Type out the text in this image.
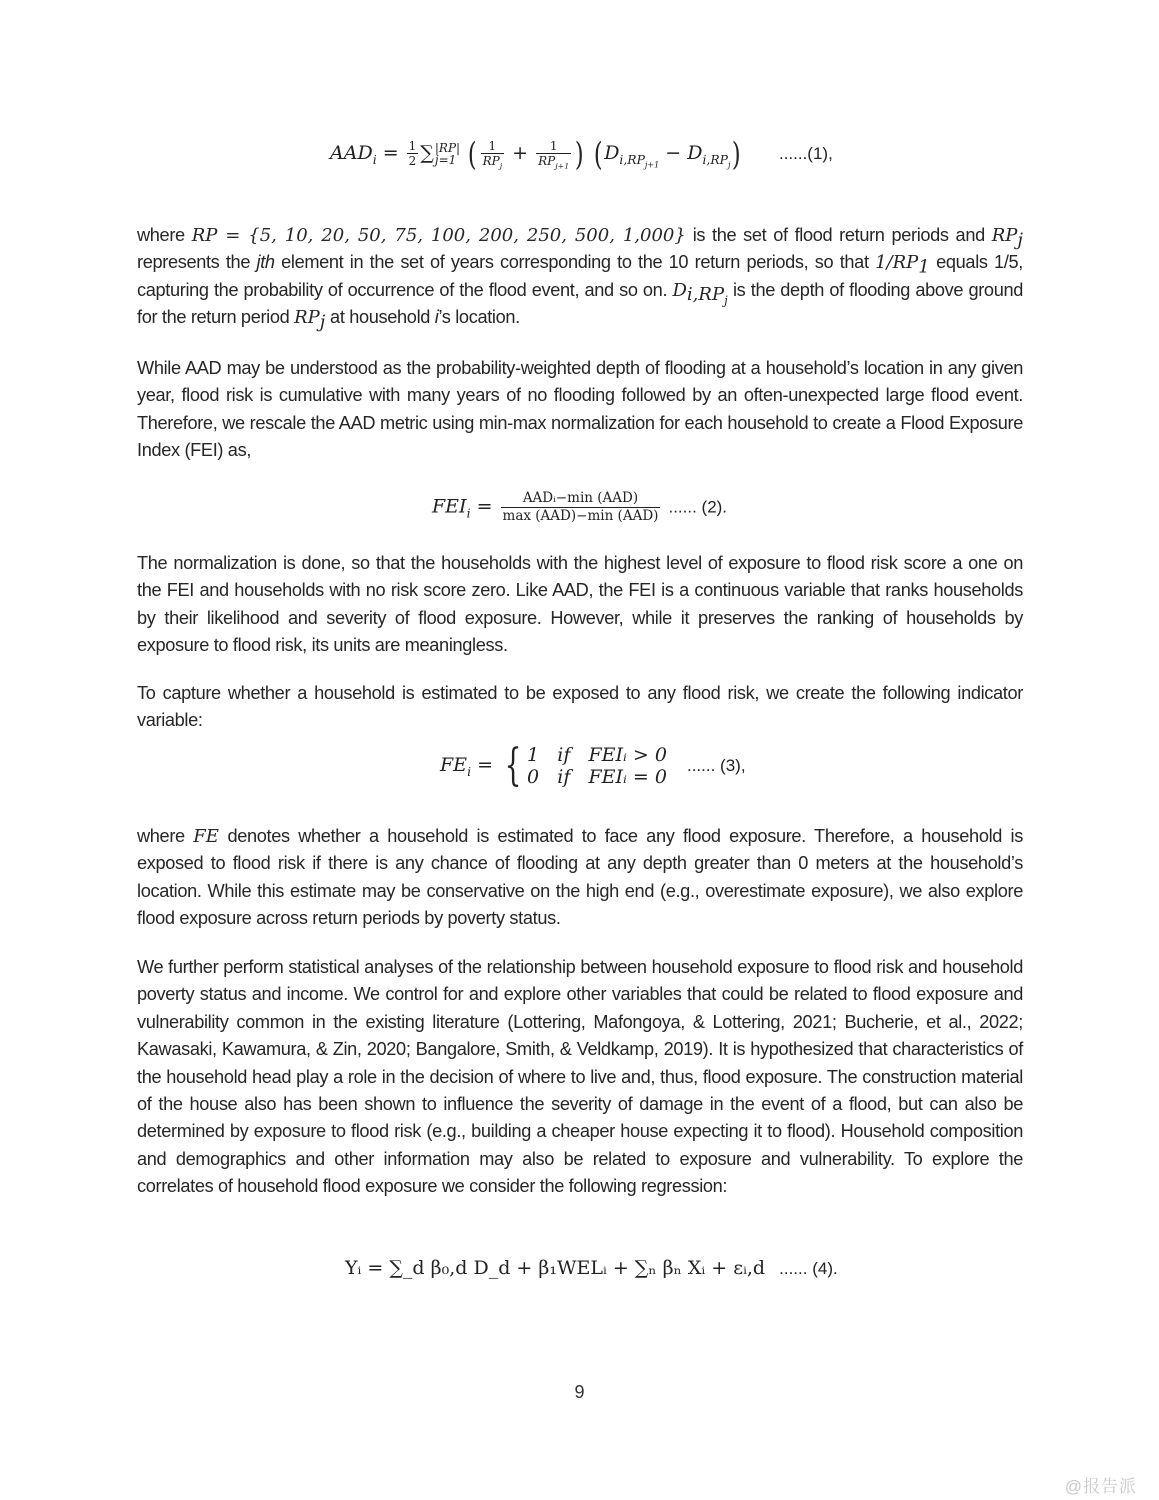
$AAD_i = \frac{1}{2}$ ∑ |RP|
j=1 ( $\frac{1}{RP_j} + \frac{1}{RP_{j+1}}$ ) $(D_{i,RP_{j+1}} - D_{i,RP_j})$ ......(1),

where RP = {5, 10, 20, 50, 75, 100, 200, 250, 500, 1,000} is the set of flood return periods and $RP_j$ represents the jth element in the set of years corresponding to the 10 return periods, so that $1/RP_1$ equals 1/5, capturing the probability of occurrence of the flood event, and so on. $D_{i,RP_j}$ is the depth of flooding above ground for the return period $RP_j$ at household i’s location.

While AAD may be understood as the probability-weighted depth of flooding at a household’s location in any given year, flood risk is cumulative with many years of no flooding followed by an often-unexpected large flood event. Therefore, we rescale the AAD metric using min-max normalization for each household to create a Flood Exposure Index (FEI) as,

$FEI_i = \frac{\text{AADᵢ−min (AAD)}}{\text{max (AAD)−min (AAD)}}$ ...... (2).

The normalization is done, so that the households with the highest level of exposure to flood risk score a one on the FEI and households with no risk score zero. Like AAD, the FEI is a continuous variable that ranks households by their likelihood and severity of flood exposure. However, while it preserves the ranking of households by exposure to flood risk, its units are meaningless.

To capture whether a household is estimated to be exposed to any flood risk, we create the following indicator variable:

$FE_i$ = { 1   if   FEIᵢ > 0
0   if   FEIᵢ = 0
...... (3),

where FE denotes whether a household is estimated to face any flood exposure. Therefore, a household is exposed to flood risk if there is any chance of flooding at any depth greater than 0 meters at the household’s location. While this estimate may be conservative on the high end (e.g., overestimate exposure), we also explore flood exposure across return periods by poverty status.

We further perform statistical analyses of the relationship between household exposure to flood risk and household poverty status and income. We control for and explore other variables that could be related to flood exposure and vulnerability common in the existing literature (Lottering, Mafongoya, & Lottering, 2021; Bucherie, et al., 2022; Kawasaki, Kawamura, & Zin, 2020; Bangalore, Smith, & Veldkamp, 2019). It is hypothesized that characteristics of the household head play a role in the decision of where to live and, thus, flood exposure. The construction material of the house also has been shown to influence the severity of damage in the event of a flood, but can also be determined by exposure to flood risk (e.g., building a cheaper house expecting it to flood). Household composition and demographics and other information may also be related to exposure and vulnerability. To explore the correlates of household flood exposure we consider the following regression:

Yᵢ = ∑_d β₀,d D_d + β₁WELᵢ + ∑ₙ βₙ Xᵢ + εᵢ,d ...... (4).
9
@报告派
